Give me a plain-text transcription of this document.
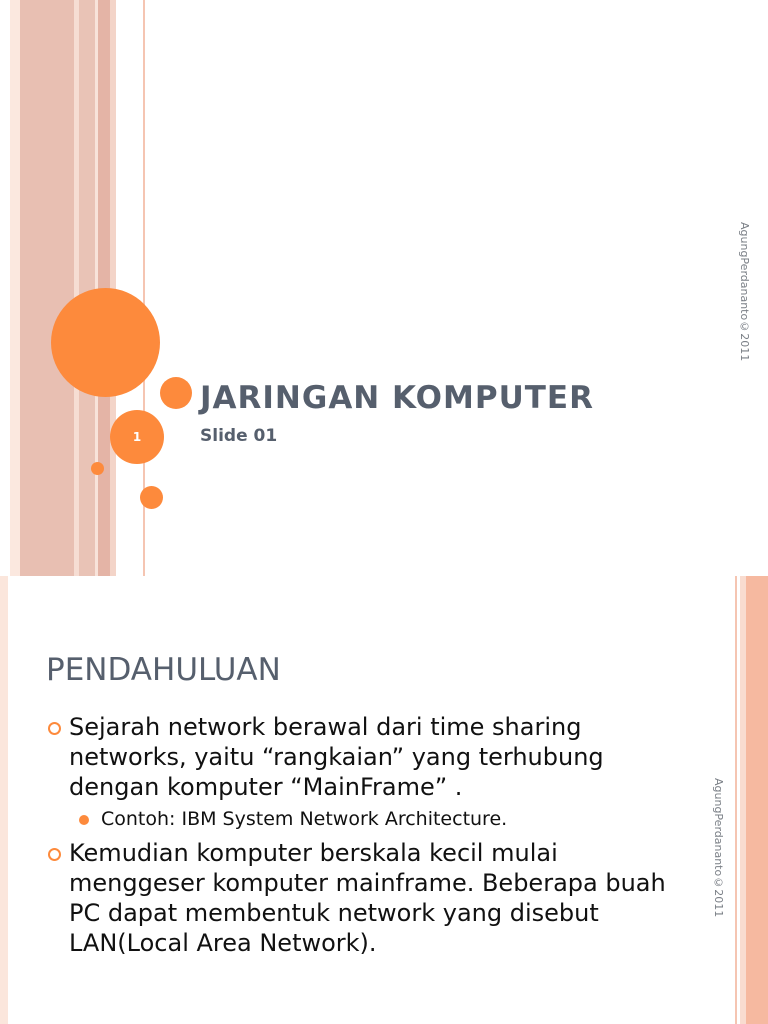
1
JARINGAN KOMPUTER
Slide 01
AgungPerdananto©2011
AgungPerdananto©2011
PENDAHULUAN
Sejarah network berawal dari time sharing networks, yaitu “rangkaian” yang terhubung dengan komputer “MainFrame” .
Contoh: IBM System Network Architecture.
Kemudian komputer berskala kecil mulai menggeser komputer mainframe. Beberapa buah PC dapat membentuk network yang disebut LAN(Local Area Network).
